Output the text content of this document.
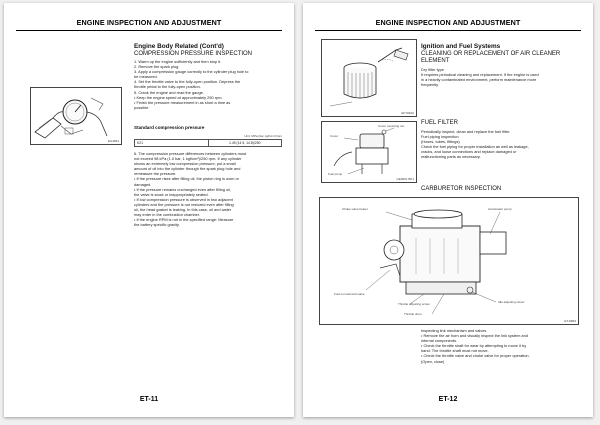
ENGINE INSPECTION AND ADJUSTMENT
Engine Body Related (Cont'd)
COMPRESSION PRESSURE INSPECTION
1. Warm up the engine sufficiently and then stop it.
2. Remove the spark plug.
3. Apply a compression gauge correctly to the cylinder plug hole to
be measured.
4. Set the throttle valve to the fully-open position. Depress the
throttle pedal to the fully-open position.
5. Crank the engine and read the gauge.
• Keep the engine speed at approximately 250 rpm.
• Finish the pressure measurement in as short a time as
possible.
EG4891
Standard compression pressure
Unit: MPa (bar, kgf/cm²)/rpm
K21	1.49 (14.9, 14.8)/250
6. The compression pressure differences between cylinders must
not exceed 98 kPa (1.0 bar, 1 kgf/cm²)/250 rpm. If any cylinder
shows an extremely low compression pressure, put a small
amount of oil into the cylinder through the spark plug hole and
remeasure the pressure.
• If the pressure rises after filling oil, the piston ring is worn or
damaged.
• If the pressure remains unchanged even after filling oil,
the valve is stuck or inappropriately seated.
• If low compression pressure is observed in two adjacent
cylinders and the pressure is not restored even after filling
oil, the head gasket is leaking. In this case, oil and water
may enter in the combustion chamber.
• If the engine RPM is not in the specified range: Measure
the battery specific gravity.
ET-11
ENGINE INSPECTION AND ADJUSTMENT
EF7049A
Ignition and Fuel Systems
CLEANING OR REPLACEMENT OF AIR CLEANER
ELEMENT
Dry filter type
It requires periodical cleaning and replacement. If the engine is used
in a heavily contaminated environment, perform maintenance more
frequently.
Cover
Cover mounting nut
Fuel pump
GE0601 BK1
FUEL FILTER
Periodically inspect, clean and replace the fuel filter.
Fuel piping inspection
(Hoses, tubes, fittings)
Check the fuel piping for proper installation as well as leakage,
cracks, and loose connections and replace damaged or
malfunctioning parts as necessary.
CARBURETOR INSPECTION
Choke valve heater	Accelerator pump
Fuel cut solenoid valve
Throttle adjusting screw	Idle adjusting screw
Throttle drum
ET-69B4
Inspecting link mechanism and valves
• Remove the air horn and visually inspect the link system and
internal components.
• Check the throttle shaft for wear by attempting to move it by
hand. The throttle shaft must not move.
• Check the throttle valve and choke valve for proper operation.
(Open, close)
ET-12
